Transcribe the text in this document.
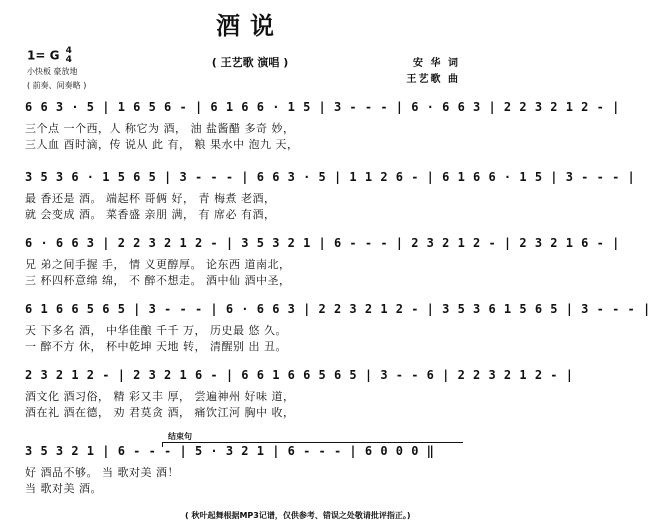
酒说
( 王艺歌 演唱 )	安 华 词
王艺歌 曲
1= G 4
4
小快板 豪放地
( 前奏、间奏略 )
6 6 3 · 5 | 1 6 5 6 - | 6 1 6 6 · 1 5 | 3 - - - | 6 · 6 6 3 | 2 2 3 2 1 2 - |
三个点 一个西，人 称它为 酒， 油 盐酱醋 多奇 妙，
三人血 酉时滴，传 说从 此 有， 粮 果水中 泡九 天，
3 5 3 6 · 1 5 6 5 | 3 - - - | 6 6 3 · 5 | 1 1 2 6 - | 6 1 6 6 · 1 5 | 3 - - - |
最 香还是 酒。 端起杯 哥俩 好， 青 梅煮 老酒，
就 会变成 酒。 菜香盛 亲朋 满， 有 席必 有酒，
6 · 6 6 3 | 2 2 3 2 1 2 - | 3 5 3 2 1 | 6 - - - | 2 3 2 1 2 - | 2 3 2 1 6 - |
兄 弟之间手握 手， 情 义更醇厚。 论东西 道南北，
三 杯四杯意绵 绵， 不 醉不想走。 酒中仙 酒中圣，
6 1 6 6 5 6 5 | 3 - - - | 6 · 6 6 3 | 2 2 3 2 1 2 - | 3 5 3 6 1 5 6 5 | 3 - - - |
天 下多名 酒， 中华佳酿 千千 万， 历史最 悠 久。
一 醉不方 休， 杯中乾坤 天地 转， 清醒别 出 丑。
2 3 2 1 2 - | 2 3 2 1 6 - | 6 6 1 6 6 5 6 5 | 3 - - 6 | 2 2 3 2 1 2 - |
酒文化 酒习俗， 精 彩又丰 厚， 尝遍神州 好味 道，
酒在礼 酒在德， 劝 君莫贪 酒， 痛饮江河 胸中 收，
结束句
3 5 3 2 1 | 6 - - - | 5 · 3 2 1 | 6 - - - | 6 0 0 0 ‖
好 酒品不够。 当 歌对美 酒！
当 歌对美 酒。
( 秋叶起舞根据MP3记谱，仅供参考、错误之处敬请批评指正。)
